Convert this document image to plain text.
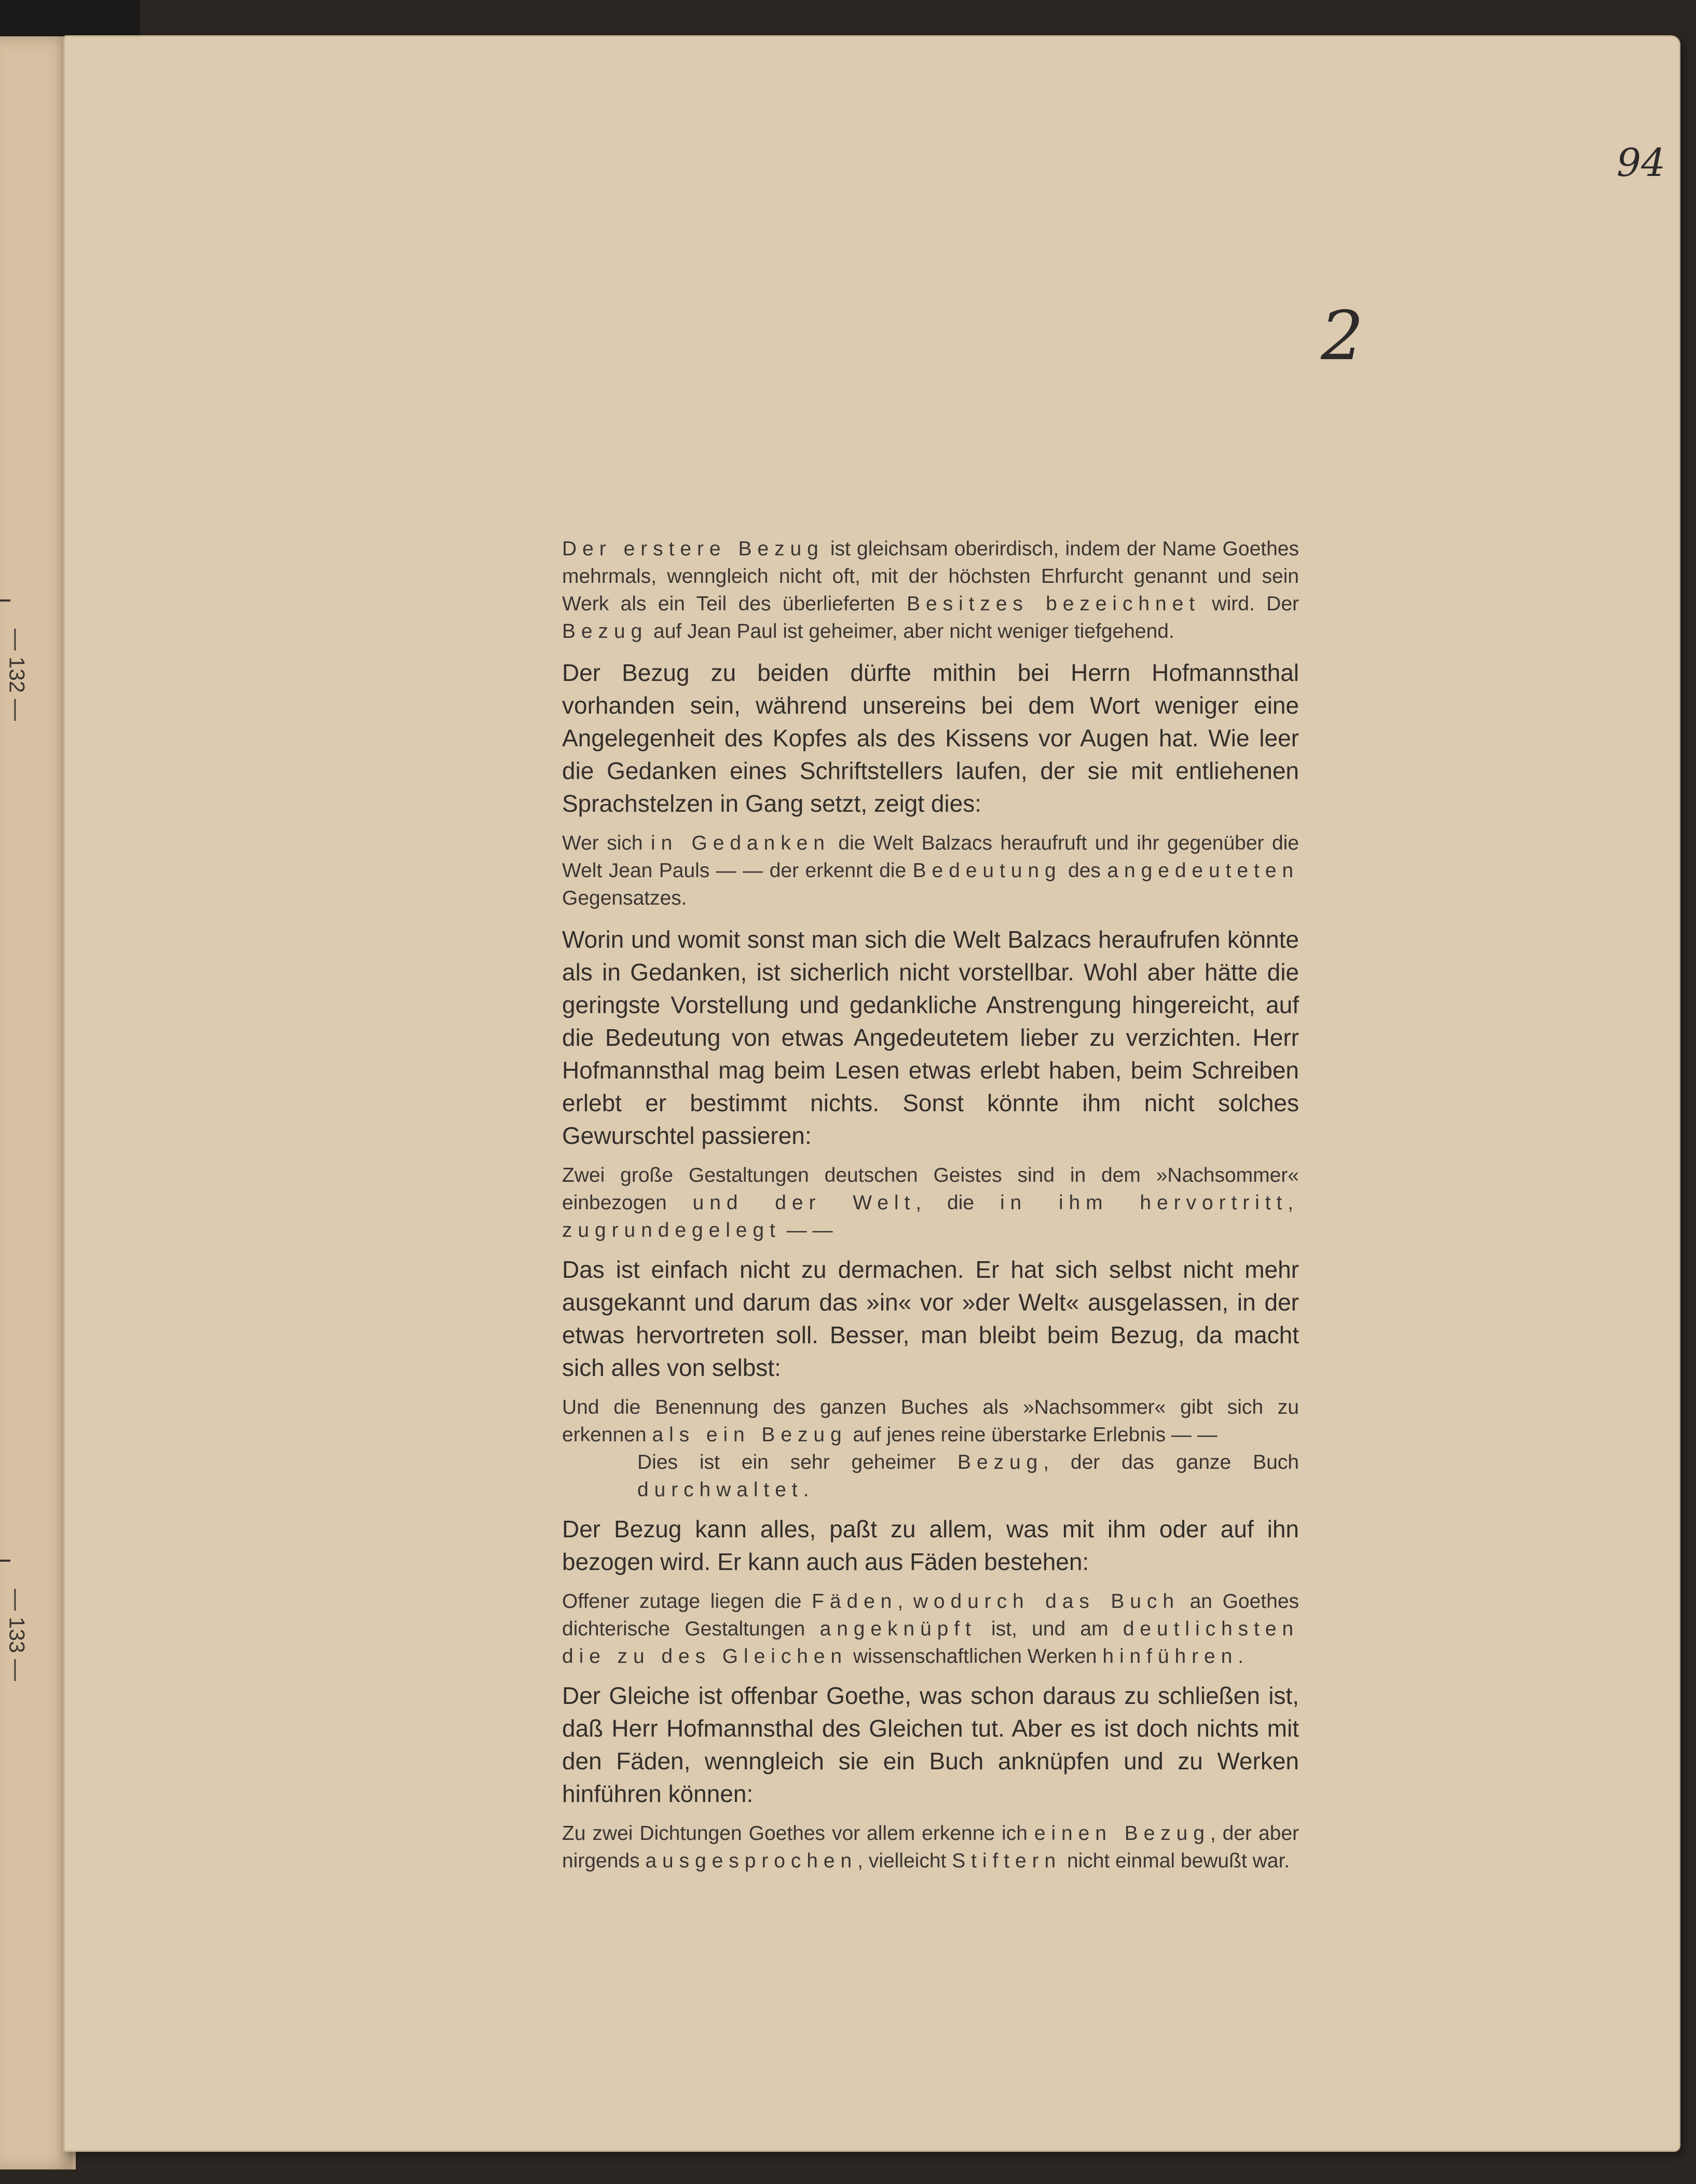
— 132 —
— 133 —
94
2

Der erstere Bezug ist gleichsam oberirdisch, indem der Name Goethes mehrmals, wenngleich nicht oft, mit der höchsten Ehrfurcht genannt und sein Werk als ein Teil des überlieferten Besitzes bezeichnet wird. Der Bezug auf Jean Paul ist geheimer, aber nicht weniger tiefgehend.

Der Bezug zu beiden dürfte mithin bei Herrn Hofmannsthal vorhanden sein, während unsereins bei dem Wort weniger eine Angelegenheit des Kopfes als des Kissens vor Augen hat. Wie leer die Gedanken eines Schriftstellers laufen, der sie mit entliehenen Sprachstelzen in Gang setzt, zeigt dies:

Wer sich in Gedanken die Welt Balzacs heraufruft und ihr gegenüber die Welt Jean Pauls — — der erkennt die Bedeutung des angedeuteten Gegensatzes.

Worin und womit sonst man sich die Welt Balzacs heraufrufen könnte als in Gedanken, ist sicherlich nicht vorstellbar. Wohl aber hätte die geringste Vorstellung und gedankliche Anstrengung hingereicht, auf die Bedeutung von etwas Angedeutetem lieber zu verzichten. Herr Hofmannsthal mag beim Lesen etwas erlebt haben, beim Schreiben erlebt er bestimmt nichts. Sonst könnte ihm nicht solches Gewurschtel passieren:

Zwei große Gestaltungen deutschen Geistes sind in dem »Nachsommer« einbezogen und der Welt, die in ihm hervortritt, zugrundegelegt — —

Das ist einfach nicht zu dermachen. Er hat sich selbst nicht mehr ausgekannt und darum das »in« vor »der Welt« ausgelassen, in der etwas hervortreten soll. Besser, man bleibt beim Bezug, da macht sich alles von selbst:

Und die Benennung des ganzen Buches als »Nachsommer« gibt sich zu erkennen als ein Bezug auf jenes reine überstarke Erlebnis — —

Dies ist ein sehr geheimer Bezug, der das ganze Buch durchwaltet.

Der Bezug kann alles, paßt zu allem, was mit ihm oder auf ihn bezogen wird. Er kann auch aus Fäden bestehen:

Offener zutage liegen die Fäden, wodurch das Buch an Goethes dichterische Gestaltungen angeknüpft ist, und am deutlichsten die zu des Gleichen wissenschaftlichen Werken hinführen.

Der Gleiche ist offenbar Goethe, was schon daraus zu schließen ist, daß Herr Hofmannsthal des Gleichen tut. Aber es ist doch nichts mit den Fäden, wenngleich sie ein Buch anknüpfen und zu Werken hinführen können:

Zu zwei Dichtungen Goethes vor allem erkenne ich einen Bezug, der aber nirgends ausgesprochen, vielleicht Stiftern nicht einmal bewußt war.
